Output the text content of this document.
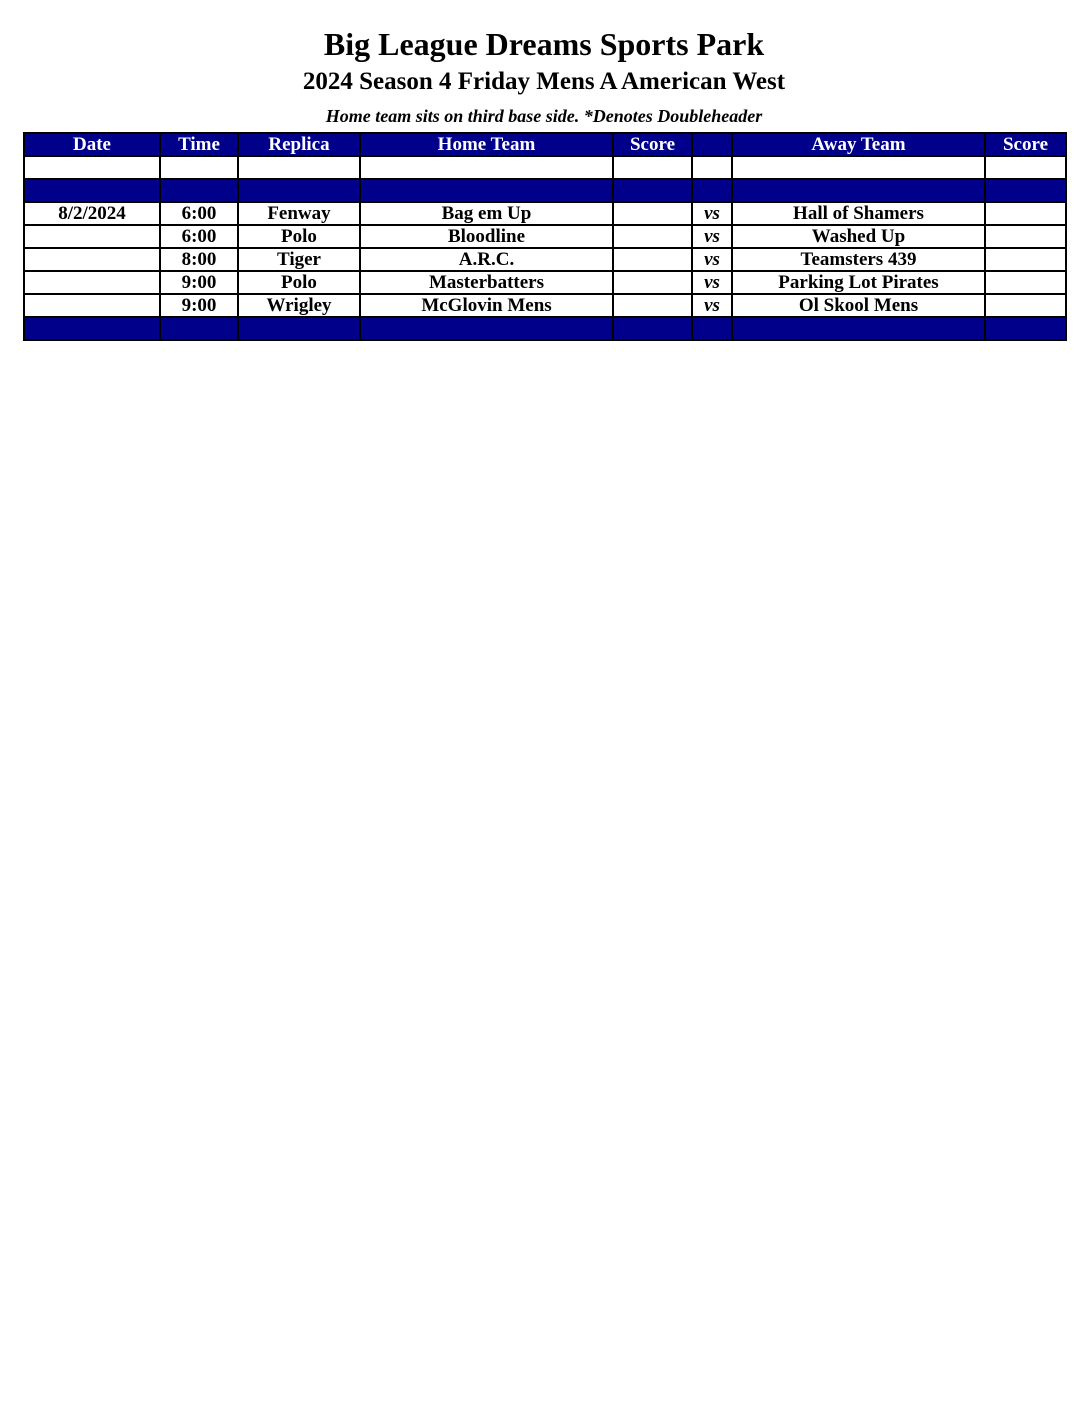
Big League Dreams Sports Park
2024 Season 4 Friday Mens A American West
Home team sits on third base side. *Denotes Doubleheader
Date	Time	Replica	Home Team	Score		Away Team	Score

8/2/2024	6:00	Fenway	Bag em Up		vs	Hall of Shamers	
	6:00	Polo	Bloodline		vs	Washed Up	
	8:00	Tiger	A.R.C.		vs	Teamsters 439	
	9:00	Polo	Masterbatters		vs	Parking Lot Pirates	
	9:00	Wrigley	McGlovin Mens		vs	Ol Skool Mens	
